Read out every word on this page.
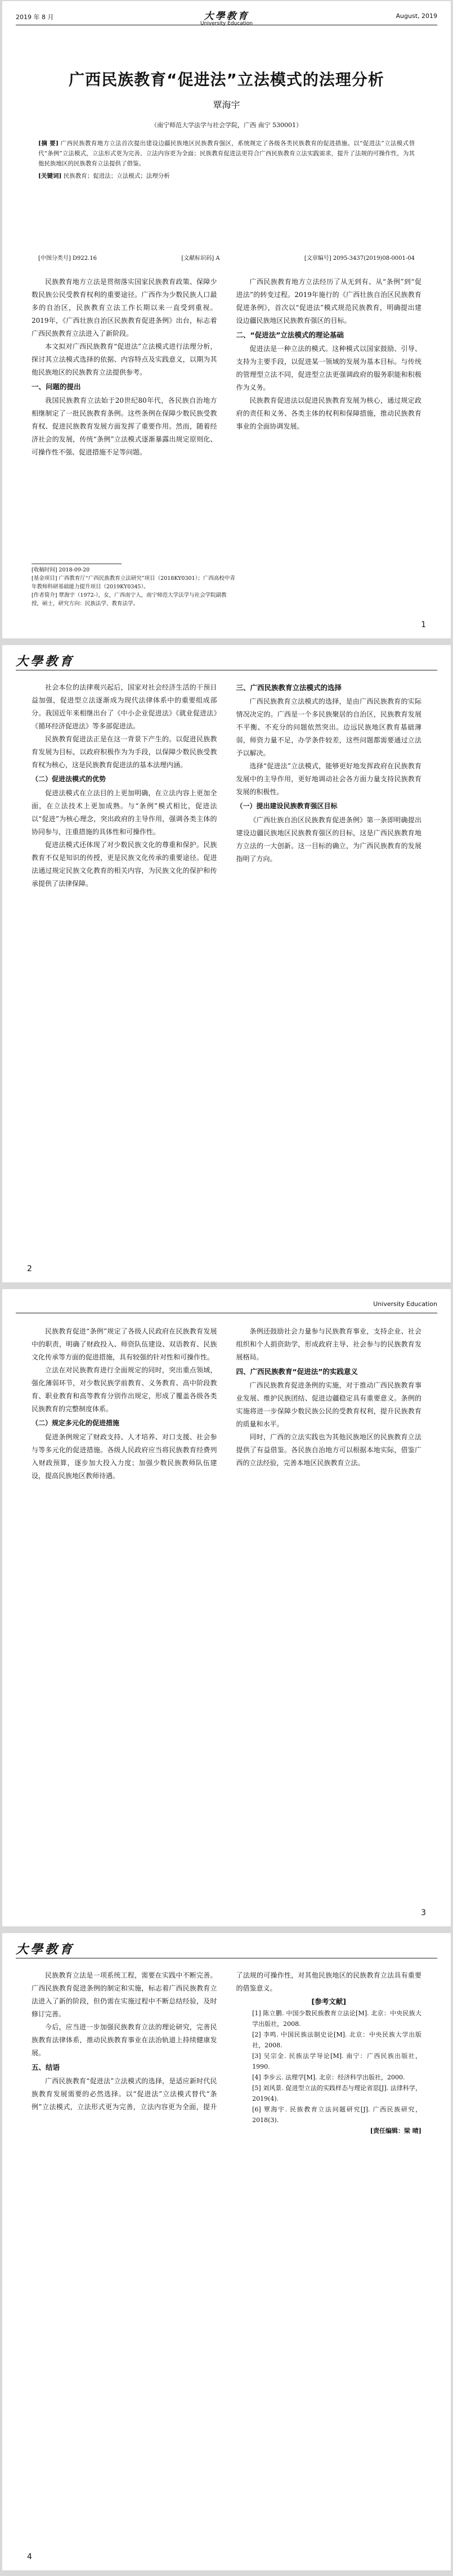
2019 年 8 月	大學教育
University Education
August, 2019
广西民族教育“促进法”立法模式的法理分析
覃海宇
（南宁师范大学法学与社会学院，广西 南宁 530001）

[摘 要] 广西民族教育地方立法首次提出建设边疆民族地区民族教育强区，系统规定了各级各类民族教育的促进措施。以“促进法”立法模式替代“条例”立法模式，立法形式更为完善、立法内容更为全面；民族教育促进法更符合广西民族教育立法实践需求，提升了法规的可操作性，为其他民族地区的民族教育立法提供了借鉴。

[关键词] 民族教育；促进法；立法模式；法理分析

[中图分类号] D922.16	[文献标识码] A	[文章编号] 2095-3437(2019)08-0001-04

民族教育地方立法是贯彻落实国家民族教育政策、保障少数民族公民受教育权利的重要途径。广西作为少数民族人口最多的自治区，民族教育立法工作长期以来一直受到重视。2019年，《广西壮族自治区民族教育促进条例》出台，标志着广西民族教育立法进入了新阶段。

本文拟对广西民族教育“促进法”立法模式进行法理分析，探讨其立法模式选择的依据、内容特点及实践意义，以期为其他民族地区的民族教育立法提供参考。

一、问题的提出

我国民族教育立法始于20世纪80年代，各民族自治地方相继制定了一批民族教育条例。这些条例在保障少数民族受教育权、促进民族教育发展方面发挥了重要作用。然而，随着经济社会的发展，传统“条例”立法模式逐渐暴露出规定原则化、可操作性不强、促进措施不足等问题。

广西民族教育地方立法经历了从无到有、从“条例”到“促进法”的转变过程。2019年施行的《广西壮族自治区民族教育促进条例》，首次以“促进法”模式规范民族教育，明确提出建设边疆民族地区民族教育强区的目标。

二、“促进法”立法模式的理论基础

促进法是一种立法的模式。这种模式以国家鼓励、引导、支持为主要手段，以促进某一领域的发展为基本目标。与传统的管理型立法不同，促进型立法更强调政府的服务职能和积极作为义务。

民族教育促进法以促进民族教育发展为核心，通过规定政府的责任和义务、各类主体的权利和保障措施，推动民族教育事业的全面协调发展。

[收稿时间] 2018-09-20
[基金项目] 广西教育厅“广西民族教育立法研究”项目（2018KY0301）；广西高校中青年教师科研基础能力提升项目（2019KY0345）。
[作者简介] 覃海宇（1972-），女，广西南宁人，南宁师范大学法学与社会学院副教授，硕士，研究方向：民族法学、教育法学。
1
大學教育

社会本位的法律观兴起后，国家对社会经济生活的干预日益加强，促进型立法逐渐成为现代法律体系中的重要组成部分。我国近年来相继出台了《中小企业促进法》《就业促进法》《循环经济促进法》等多部促进法。

民族教育促进法正是在这一背景下产生的。以促进民族教育发展为目标，以政府积极作为为手段，以保障少数民族受教育权为核心，这是民族教育促进法的基本法理内涵。

（二）促进法模式的优势

促进法模式在立法目的上更加明确，在立法内容上更加全面，在立法技术上更加成熟。与“条例”模式相比，促进法以“促进”为核心理念，突出政府的主导作用，强调各类主体的协同参与，注重措施的具体性和可操作性。

促进法模式还体现了对少数民族文化的尊重和保护。民族教育不仅是知识的传授，更是民族文化传承的重要途径。促进法通过规定民族文化教育的相关内容，为民族文化的保护和传承提供了法律保障。

三、广西民族教育立法模式的选择

广西民族教育立法模式的选择，是由广西民族教育的实际情况决定的。广西是一个多民族聚居的自治区，民族教育发展不平衡、不充分的问题依然突出。边远民族地区教育基础薄弱，师资力量不足，办学条件较差，这些问题都需要通过立法予以解决。

选择“促进法”立法模式，能够更好地发挥政府在民族教育发展中的主导作用，更好地调动社会各方面力量支持民族教育发展的积极性。

（一）提出建设民族教育强区目标

《广西壮族自治区民族教育促进条例》第一条即明确提出建设边疆民族地区民族教育强区的目标，这是广西民族教育地方立法的一大创新。这一目标的确立，为广西民族教育的发展指明了方向。

2
University Education

民族教育促进“条例”规定了各级人民政府在民族教育发展中的职责，明确了财政投入、师资队伍建设、双语教育、民族文化传承等方面的促进措施，具有较强的针对性和可操作性。

立法在对民族教育进行全面规定的同时，突出重点领域，强化薄弱环节，对少数民族学前教育、义务教育、高中阶段教育、职业教育和高等教育分别作出规定，形成了覆盖各级各类民族教育的完整制度体系。

（二）规定多元化的促进措施

促进条例规定了财政支持、人才培养、对口支援、社会参与等多元化的促进措施。各级人民政府应当将民族教育经费列入财政预算，逐步加大投入力度；加强少数民族教师队伍建设，提高民族地区教师待遇。

条例还鼓励社会力量参与民族教育事业，支持企业、社会组织和个人捐资助学，形成政府主导、社会参与的民族教育发展格局。

四、广西民族教育“促进法”的实践意义

广西民族教育促进条例的实施，对于推动广西民族教育事业发展、维护民族团结、促进边疆稳定具有重要意义。条例的实施将进一步保障少数民族公民的受教育权利，提升民族教育的质量和水平。

同时，广西的立法实践也为其他民族地区的民族教育立法提供了有益借鉴。各民族自治地方可以根据本地实际，借鉴广西的立法经验，完善本地区民族教育立法。

3
大學教育

民族教育立法是一项系统工程，需要在实践中不断完善。广西民族教育促进条例的制定和实施，标志着广西民族教育立法进入了新的阶段，但仍需在实施过程中不断总结经验，及时修订完善。

今后，应当进一步加强民族教育立法的理论研究，完善民族教育法律体系，推动民族教育事业在法治轨道上持续健康发展。

五、结语

广西民族教育“促进法”立法模式的选择，是适应新时代民族教育发展需要的必然选择。以“促进法”立法模式替代“条例”立法模式，立法形式更为完善，立法内容更为全面，提升了法规的可操作性，对其他民族地区的民族教育立法具有重要的借鉴意义。

[参考文献]

[1] 陈立鹏. 中国少数民族教育立法论[M]. 北京：中央民族大学出版社，2008.

[2] 李鸣. 中国民族法制史论[M]. 北京：中央民族大学出版社，2008.

[3] 吴宗金. 民族法学导论[M]. 南宁：广西民族出版社，1990.

[4] 李步云. 法理学[M]. 北京：经济科学出版社，2000.

[5] 刘风景. 促进型立法的实践样态与理论省思[J]. 法律科学，2019(4).

[6] 覃海宇. 民族教育立法问题研究[J]. 广西民族研究，2018(3).

[责任编辑：梁 晴]

4
